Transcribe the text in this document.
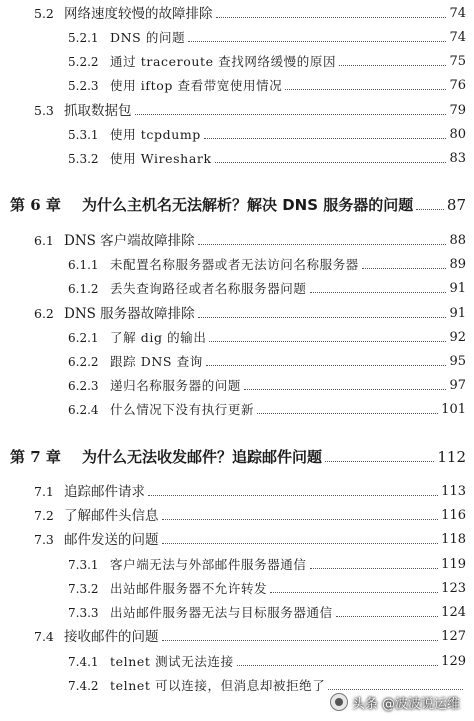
5.2 网络速度较慢的故障排除	74
5.2.1 DNS 的问题	74
5.2.2 通过 traceroute 查找网络缓慢的原因	75
5.2.3 使用 iftop 查看带宽使用情况	76
5.3 抓取数据包	79
5.3.1 使用 tcpdump	80
5.3.2 使用 Wireshark	83
第 6 章 为什么主机名无法解析？解决 DNS 服务器的问题 87
6.1 DNS 客户端故障排除	88
6.1.1 未配置名称服务器或者无法访问名称服务器	89
6.1.2 丢失查询路径或者名称服务器问题	91
6.2 DNS 服务器故障排除	91
6.2.1 了解 dig 的输出	92
6.2.2 跟踪 DNS 查询	95
6.2.3 递归名称服务器的问题	97
6.2.4 什么情况下没有执行更新	101
第 7 章 为什么无法收发邮件？追踪邮件问题	112
7.1 追踪邮件请求	113
7.2 了解邮件头信息	116
7.3 邮件发送的问题	118
7.3.1 客户端无法与外部邮件服务器通信	119
7.3.2 出站邮件服务器不允许转发	123
7.3.3 出站邮件服务器无法与目标服务器通信	124
7.4 接收邮件的问题	127
7.4.1 telnet 测试无法连接	129
7.4.2 telnet 可以连接，但消息却被拒绝了
头条 @波波说运维
